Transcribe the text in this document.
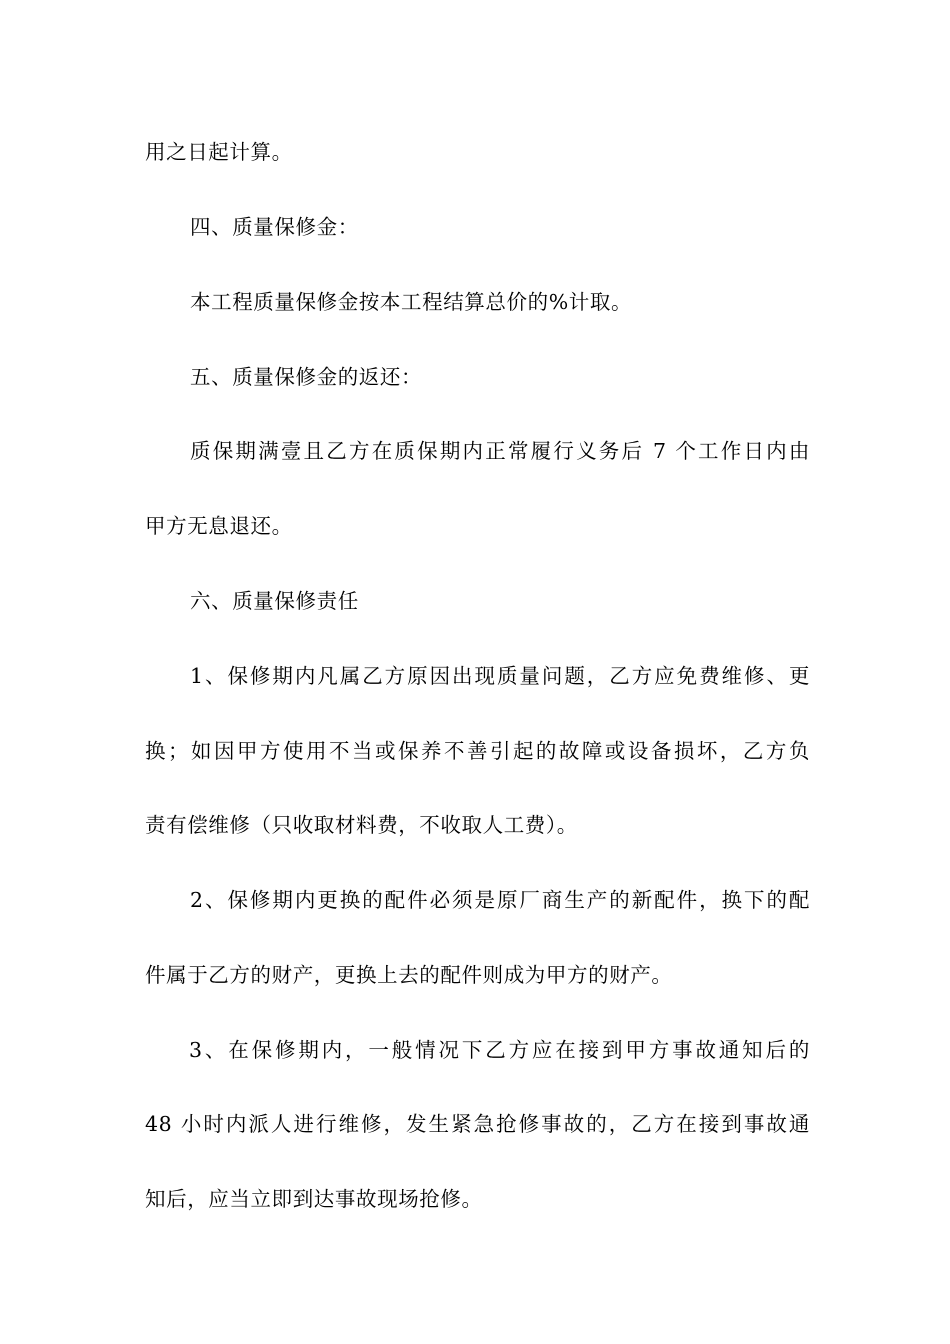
用之日起计算。
四、质量保修金：
本工程质量保修金按本工程结算总价的%计取。
五、质量保修金的返还：
质保期满壹且乙方在质保期内正常履行义务后 7 个工作日内由
甲方无息退还。
六、质量保修责任
1、保修期内凡属乙方原因出现质量问题，乙方应免费维修、更
换；如因甲方使用不当或保养不善引起的故障或设备损坏，乙方负
责有偿维修（只收取材料费，不收取人工费）。
2、保修期内更换的配件必须是原厂商生产的新配件，换下的配
件属于乙方的财产，更换上去的配件则成为甲方的财产。
3、在保修期内，一般情况下乙方应在接到甲方事故通知后的
48 小时内派人进行维修，发生紧急抢修事故的，乙方在接到事故通
知后，应当立即到达事故现场抢修。
